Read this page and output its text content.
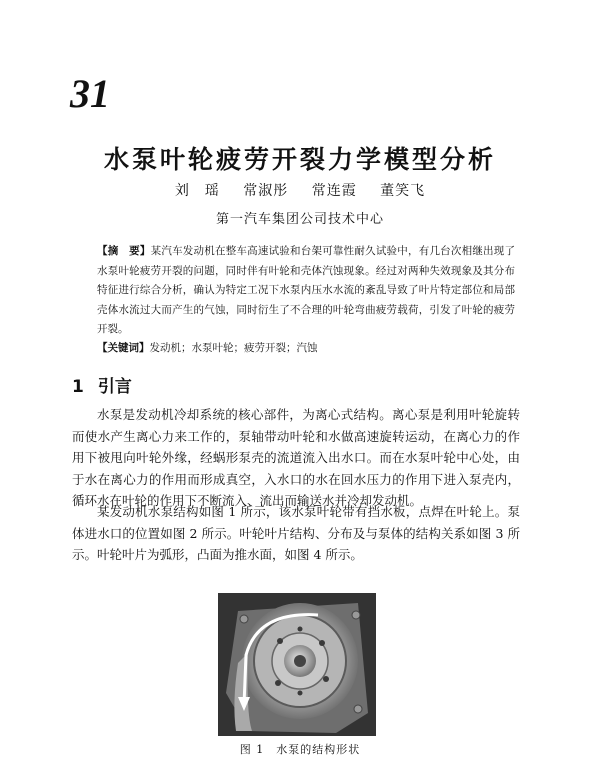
31
水泵叶轮疲劳开裂力学模型分析
刘　瑶 常淑彤 常连霞 董笑飞
第一汽车集团公司技术中心
【摘　要】某汽车发动机在整车高速试验和台架可靠性耐久试验中，有几台次相继出现了水泵叶轮疲劳开裂的问题，同时伴有叶轮和壳体汽蚀现象。经过对两种失效现象及其分布特征进行综合分析，确认为特定工况下水泵内压水水流的紊乱导致了叶片特定部位和局部壳体水流过大而产生的气蚀，同时衍生了不合理的叶轮弯曲疲劳载荷，引发了叶轮的疲劳开裂。
【关键词】发动机；水泵叶轮；疲劳开裂；汽蚀
1 引言

水泵是发动机冷却系统的核心部件，为离心式结构。离心泵是利用叶轮旋转而使水产生离心力来工作的，泵轴带动叶轮和水做高速旋转运动，在离心力的作用下被甩向叶轮外缘，经蜗形泵壳的流道流入出水口。而在水泵叶轮中心处，由于水在离心力的作用而形成真空，入水口的水在回水压力的作用下进入泵壳内，循环水在叶轮的作用下不断流入、流出而输送水并冷却发动机。

某发动机水泵结构如图 1 所示，该水泵叶轮带有挡水板，点焊在叶轮上。泵体进水口的位置如图 2 所示。叶轮叶片结构、分布及与泵体的结构关系如图 3 所示。叶轮叶片为弧形，凸面为推水面，如图 4 所示。

图 1 水泵的结构形状
